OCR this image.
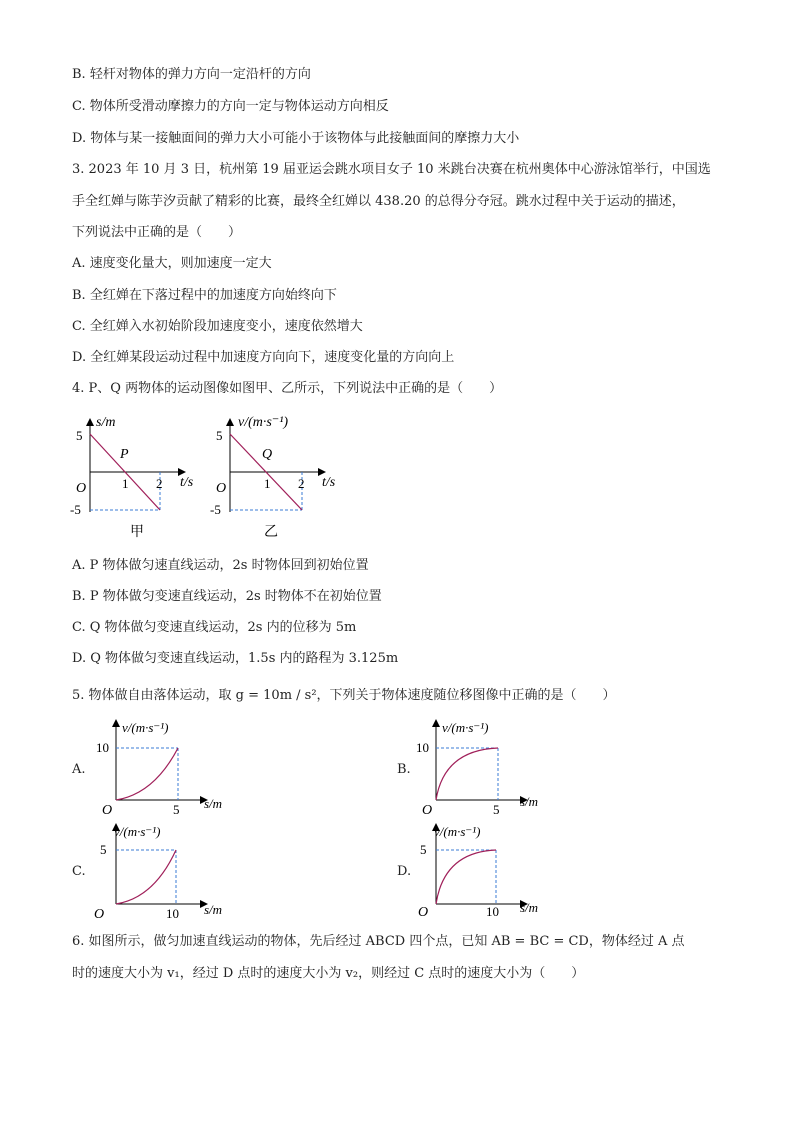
B. 轻杆对物体的弹力方向一定沿杆的方向
C. 物体所受滑动摩擦力的方向一定与物体运动方向相反
D. 物体与某一接触面间的弹力大小可能小于该物体与此接触面间的摩擦力大小
3. 2023 年 10 月 3 日，杭州第 19 届亚运会跳水项目女子 10 米跳台决赛在杭州奥体中心游泳馆举行，中国选
手全红婵与陈芋汐贡献了精彩的比赛，最终全红婵以 438.20 的总得分夺冠。跳水过程中关于运动的描述，
下列说法中正确的是（　　）
A. 速度变化量大，则加速度一定大
B. 全红婵在下落过程中的加速度方向始终向下
C. 全红婵入水初始阶段加速度变小，速度依然增大
D. 全红婵某段运动过程中加速度方向向下，速度变化量的方向向上
4. P、Q 两物体的运动图像如图甲、乙所示，下列说法中正确的是（　　）
s/m
5
P
1 2 t/s
O
-5
甲
v/(m·s⁻¹)
5
Q
1 2 t/s
O
-5
乙
A. P 物体做匀速直线运动，2s 时物体回到初始位置
B. P 物体做匀变速直线运动，2s 时物体不在初始位置
C. Q 物体做匀变速直线运动，2s 内的位移为 5m
D. Q 物体做匀变速直线运动，1.5s 内的路程为 3.125m
5. 物体做自由落体运动，取 g = 10m / s²，下列关于物体速度随位移图像中正确的是（　　）
A.
v/(m·s⁻¹)
10
O	5 s/m
B.
v/(m·s⁻¹)
10
O	5
s/m
C.
v/(m·s⁻¹)
5
O	10 s/m
D.
v/(m·s⁻¹)
5
O	10 s/m
6. 如图所示，做匀加速直线运动的物体，先后经过 ABCD 四个点，已知 AB = BC = CD，物体经过 A 点
时的速度大小为 v₁，经过 D 点时的速度大小为 v₂，则经过 C 点时的速度大小为（　　）
